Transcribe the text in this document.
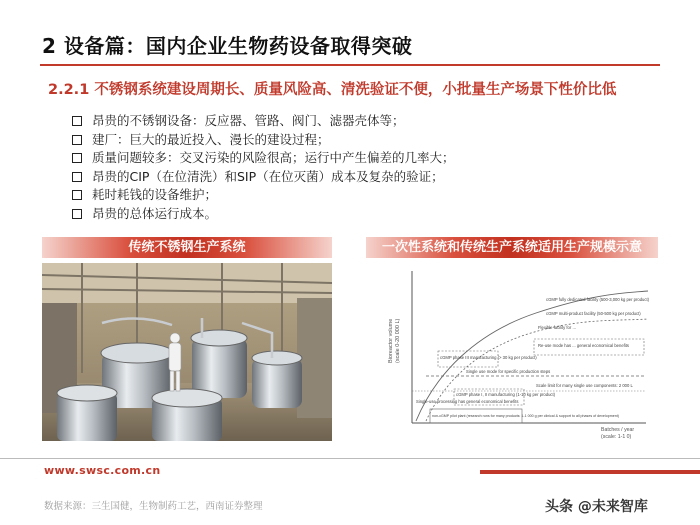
2 设备篇：国内企业生物药设备取得突破
2.2.1 不锈钢系统建设周期长、质量风险高、清洗验证不便，小批量生产场景下性价比低
昂贵的不锈钢设备：反应器、管路、阀门、滤器壳体等；
建厂：巨大的最近投入、漫长的建设过程；
质量问题较多：交叉污染的风险很高；运行中产生偏差的几率大；
昂贵的CIP（在位清洗）和SIP（在位灭菌）成本及复杂的验证；
耗时耗钱的设备维护；
昂贵的总体运行成本。
传统不锈钢生产系统	一次性系统和传统生产系统适用生产规模示意
Bioreactor volume (scale 0-20 000 L)
cGMP fully dedicated facility (500-3,000 kg per product)
cGMP multi-product facility (50-500 kg per product)
Flexible facility for ...
Re-use mode has ... general economical benefits
cGMP phase III manufacturing (> 30 kg per product)
Single use mode for specific production steps
cGMP phase I, II manufacturing (1-10 kg per product)
Single-use processing has general economical benefits
Scale limit for many single use components: 2 000 L
non-cGMP pilot plant (research runs for many products: 1-1 000 g per clinical & support to all phases of development)
Batches / year
(scale: 1-1 0)
www.swsc.com.cn
数据来源：三生国健，生物制药工艺，西南证券整理	头条 @未来智库
